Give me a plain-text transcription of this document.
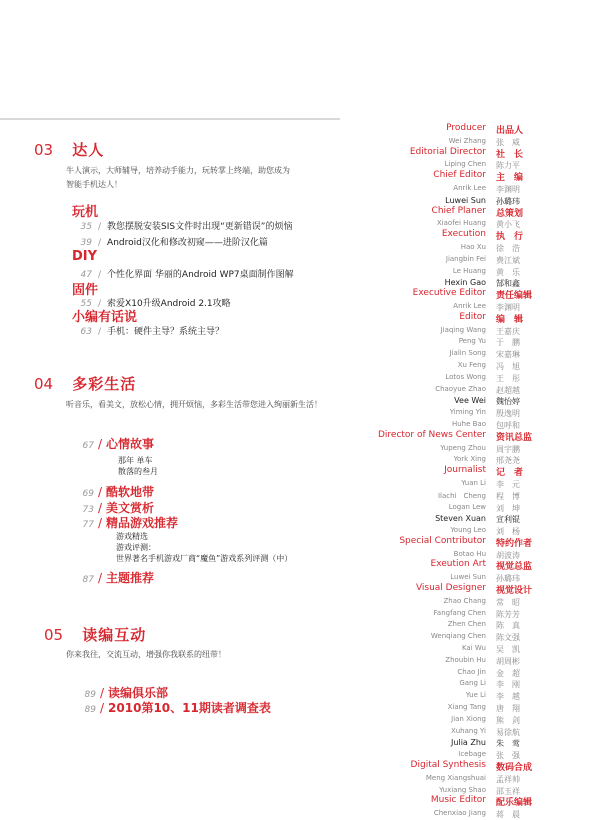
03 达人
牛人演示，大师辅导，培养动手能力，玩转掌上终端，助您成为
智能手机达人！
玩机
35 / 教您摆脱安装SIS文件时出现“更新错误”的烦恼
39 / Android汉化和修改初窥——进阶汉化篇
DIY
47 / 个性化界面 华丽的Android WP7桌面制作图解
固件
55 / 索爱X10升级Android 2.1攻略
小编有话说
63 / 手机：硬件主导？系统主导？
04 多彩生活
听音乐，看美文，放松心情，拥开烦恼，多彩生活带您进入绚丽新生活！
67 / 心情故事
那年 单车
散落的叁月
69 / 酷软地带
73 / 美文赏析
77 / 精品游戏推荐
游戏精选
游戏评测：
世界著名手机游戏厂商“魔鱼”游戏系列评测（中）
87 / 主题推荐
05 读编互动
你来我往，交流互动，增强你我联系的纽带！
89 / 读编俱乐部
89 / 2010第10、11期读者调查表
Producer 出品人
Wei Zhang 张　威
Editorial Director 社　长
Liping Chen 陈力平
Chief Editor 主　编
Anrik Lee 李渊明
Luwei Sun 孙璐玮
Chief Planer 总策划
Xiaofei Huang 黄小飞
Execution 执　行
Hao Xu 徐　浩
Jiangbin Fei 费江斌
Le Huang 黄　乐
Hexin Gao 郜和鑫
Executive Editor 责任编辑
Anrik Lee 李渊明
Editor 编　辑
Jiaqing Wang 王嘉庆
Peng Yu 于　鹏
Jialin Song 宋嘉琳
Xu Feng 冯　旭
Lotos Wong 王　彤
Chaoyue Zhao 赵超越
Vee Wei 魏怡婷
Yiming Yin 殷逸明
Huhe Bao 包呼和
Director of News Center 资讯总监
Yupeng Zhou 周宇鹏
York Xing 邢尧尧
Journalist 记　者
Yuan Li 李　元
Ilachi　Cheng 程　博
Logan Lew 刘　坤
Steven Xuan 宣利锟
Young Leo 刘　杨
Special Contributor 特约作者
Botao Hu 胡波涛
Exeution Art 视觉总监
Luwei Sun 孙璐玮
Visual Designer 视觉设计
Zhao Chang 常　昭
Fangfang Chen 陈芳芳
Zhen Chen 陈　真
Wenqiang Chen 陈文强
Kai Wu 吴　凯
Zhoubin Hu 胡周彬
Chao Jin 金　超
Gang Li 李　刚
Yue Li 李　越
Xiang Tang 唐　翔
Jian Xiong 熊　剑
Xuhang Yi 易徐航
Julia Zhu 朱　莺
Icebage 张　强
Digital Synthesis 数码合成
Meng Xiangshuai 孟祥帅
Yuxiang Shao 邵玉祥
Music Editor 配乐编辑
Chenxiao Jiang 蒋　晨
